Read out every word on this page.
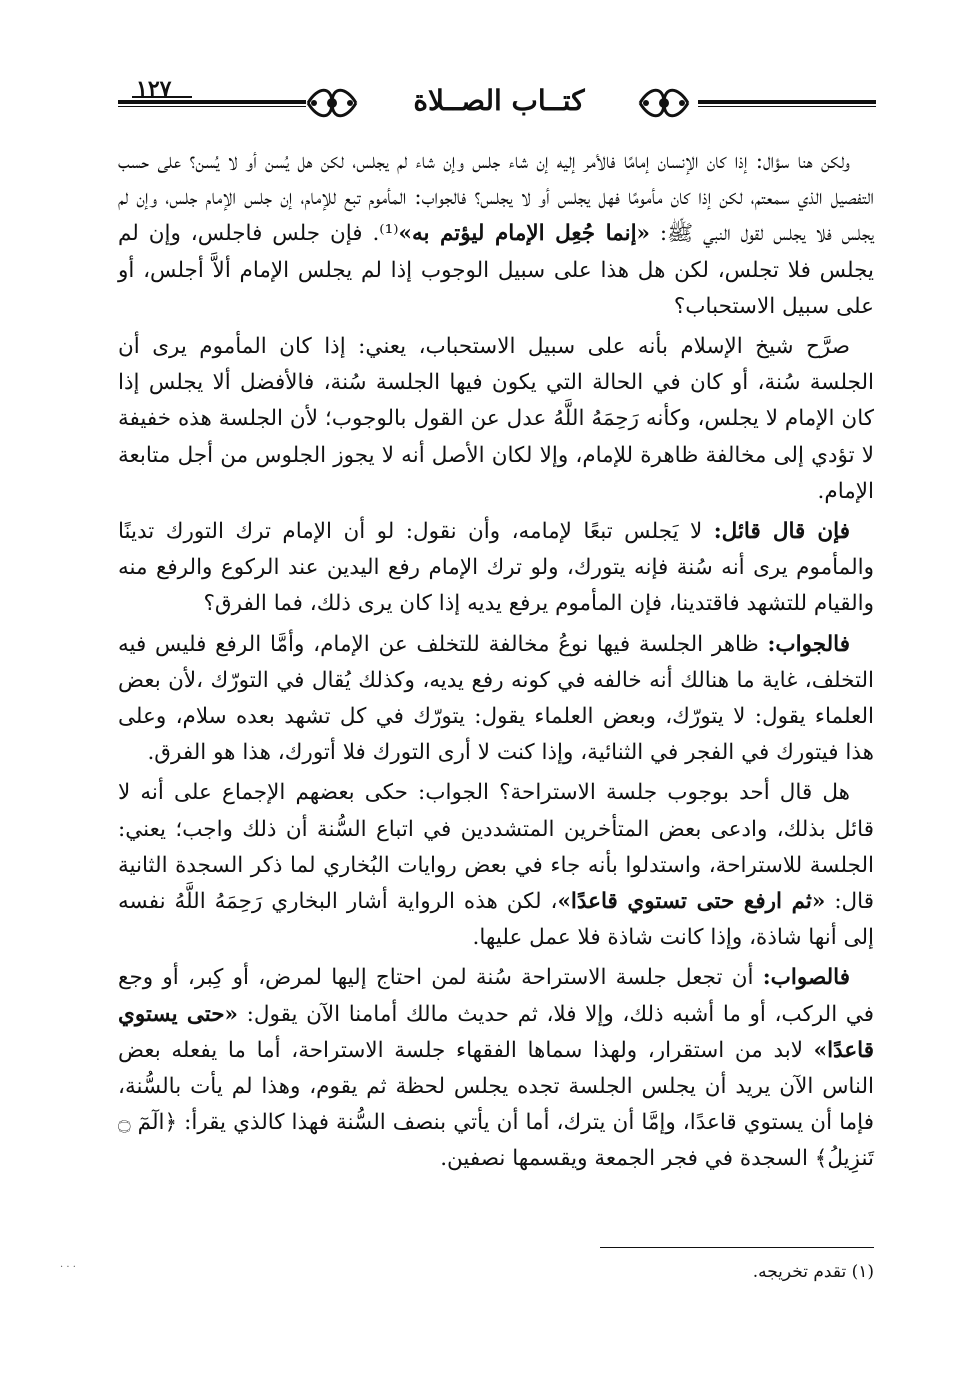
١٢٧	كتــاب الصــلاة

ولكن هنا سؤال: إذا كان الإنسان إمامًا فالأمر إليه إن شاء جلس وإن شاء لم يجلس، لكن هل يُسن أو لا يُسن؟ على حسب التفصيل الذي سمعتم، لكن إذا كان مأمومًا فهل يجلس أو لا يجلس؟ فالجواب: المأموم تبع للإمام، إن جلس الإمام جلس، وإن لم يجلس فلا يجلس لقول النبي ﷺ: «إنما جُعِل الإمام ليؤتم به»⁽¹⁾. فإن جلس فاجلس، وإن لم يجلس فلا تجلس، لكن هل هذا على سبيل الوجوب إذا لم يجلس الإمام ألاَّ أجلس، أو على سبيل الاستحباب؟

صرَّح شيخ الإسلام بأنه على سبيل الاستحباب، يعني: إذا كان المأموم يرى أن الجلسة سُنة، أو كان في الحالة التي يكون فيها الجلسة سُنة، فالأفضل ألا يجلس إذا كان الإمام لا يجلس، وكأنه رَحِمَهُ اللَّهُ عدل عن القول بالوجوب؛ لأن الجلسة هذه خفيفة لا تؤدي إلى مخالفة ظاهرة للإمام، وإلا لكان الأصل أنه لا يجوز الجلوس من أجل متابعة الإمام.

فإن قال قائل: لا يَجلس تبعًا لإمامه، وأن نقول: لو أن الإمام ترك التورك تدينًا والمأموم يرى أنه سُنة فإنه يتورك، ولو ترك الإمام رفع اليدين عند الركوع والرفع منه والقيام للتشهد فاقتدينا، فإن المأموم يرفع يديه إذا كان يرى ذلك، فما الفرق؟

فالجواب: ظاهر الجلسة فيها نوعُ مخالفة للتخلف عن الإمام، وأمَّا الرفع فليس فيه التخلف، غاية ما هنالك أنه خالفه في كونه رفع يديه، وكذلك يُقال في التورّك ،لأن بعض العلماء يقول: لا يتورّك، وبعض العلماء يقول: يتورّك في كل تشهد بعده سلام، وعلى هذا فيتورك في الفجر في الثنائية، وإذا كنت لا أرى التورك فلا أتورك، هذا هو الفرق.

هل قال أحد بوجوب جلسة الاستراحة؟ الجواب: حكى بعضهم الإجماع على أنه لا قائل بذلك، وادعى بعض المتأخرين المتشددين في اتباع السُّنة أن ذلك واجب؛ يعني: الجلسة للاستراحة، واستدلوا بأنه جاء في بعض روايات البُخاري لما ذكر السجدة الثانية قال: «ثم ارفع حتى تستوي قاعدًا»، لكن هذه الرواية أشار البخاري رَحِمَهُ اللَّهُ نفسه إلى أنها شاذة، وإذا كانت شاذة فلا عمل عليها.

فالصواب: أن تجعل جلسة الاستراحة سُنة لمن احتاج إليها لمرض، أو كِبر، أو وجع في الركب، أو ما أشبه ذلك، وإلا فلا، ثم حديث مالك أمامنا الآن يقول: «حتى يستوي قاعدًا» لابد من استقرار، ولهذا سماها الفقهاء جلسة الاستراحة، أما ما يفعله بعض الناس الآن يريد أن يجلس الجلسة تجده يجلس لحظة ثم يقوم، وهذا لم يأت بالسُّنة، فإما أن يستوي قاعدًا، وإمَّا أن يترك، أما أن يأتي بنصف السُّنة فهذا كالذي يقرأ: ﴿الٓمٓ ۝ تَنزِيلُ﴾ السجدة في فجر الجمعة ويقسمها نصفين.

(١) تقدم تخريجه.
· · ·
